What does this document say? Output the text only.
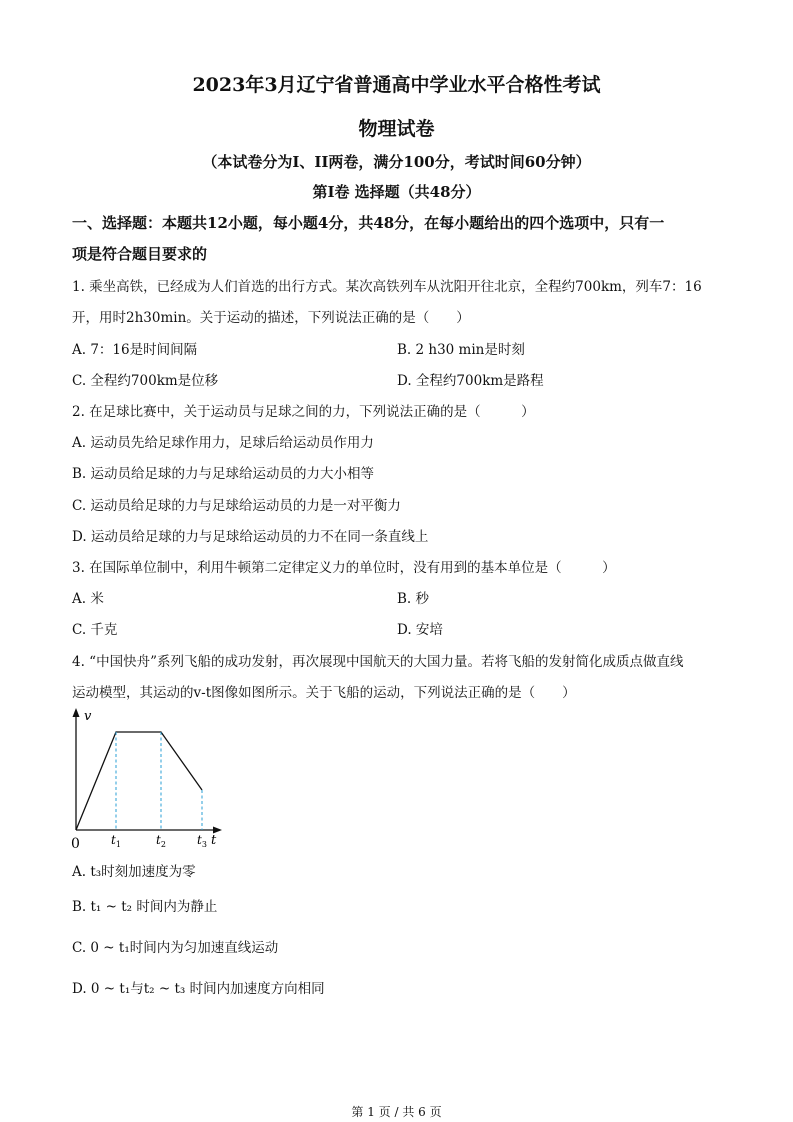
2023年3月辽宁省普通高中学业水平合格性考试
物理试卷
（本试卷分为I、II两卷，满分100分，考试时间60分钟）
第I卷 选择题（共48分）
一、选择题：本题共12小题，每小题4分，共48分，在每小题给出的四个选项中，只有一
项是符合题目要求的
1. 乘坐高铁，已经成为人们首选的出行方式。某次高铁列车从沈阳开往北京，全程约700km，列车7：16
开，用时2h30min。关于运动的描述，下列说法正确的是（　　）
A. 7：16是时间间隔	B. 2 h30 min是时刻
C. 全程约700km是位移	D. 全程约700km是路程
2. 在足球比赛中，关于运动员与足球之间的力，下列说法正确的是（　　　）
A. 运动员先给足球作用力，足球后给运动员作用力
B. 运动员给足球的力与足球给运动员的力大小相等
C. 运动员给足球的力与足球给运动员的力是一对平衡力
D. 运动员给足球的力与足球给运动员的力不在同一条直线上
3. 在国际单位制中，利用牛顿第二定律定义力的单位时，没有用到的基本单位是（　　　）
A. 米	B. 秒
C. 千克	D. 安培
4. “中国快舟”系列飞船的成功发射，再次展现中国航天的大国力量。若将飞船的发射简化成质点做直线
运动模型，其运动的v-t图像如图所示。关于飞船的运动，下列说法正确的是（　　）
v
t
0	$t_1$	$t_2$	$t_3$
A. t₃时刻加速度为零
B. t₁ ~ t₂ 时间内为静止
C. 0 ~ t₁时间内为匀加速直线运动
D. 0 ~ t₁与t₂ ~ t₃ 时间内加速度方向相同
第 1 页 / 共 6 页
